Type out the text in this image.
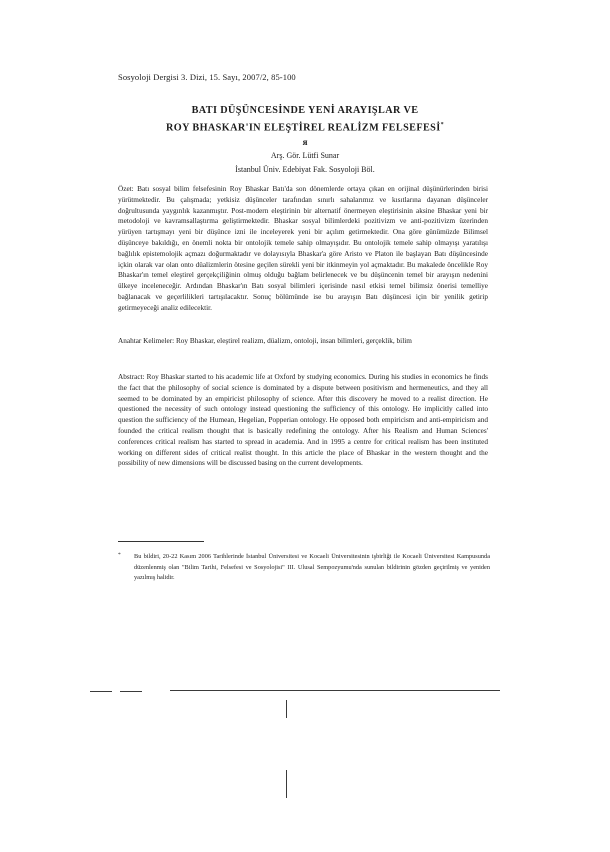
Sosyoloji Dergisi 3. Dizi, 15. Sayı, 2007/2, 85-100
BATI DÜŞÜNCESİNDE YENİ ARAYIŞLAR VE
ROY BHASKAR'IN ELEŞTİREL REALİZM FELSEFESİ*
ᴙ
Arş. Gör. Lütfi Sunar
İstanbul Üniv. Edebiyat Fak. Sosyoloji Böl.
Özet: Batı sosyal bilim felsefesinin Roy Bhaskar Batı'da son dönemlerde ortaya çıkan en orijinal düşünürlerinden birisi yürütmektedir. Bu çalışmada; yetkisiz düşünceler tarafından sınırlı sahalarımız ve kısıtlarına dayanan düşünceler doğrultusunda yaygınlık kazanmıştır. Post-modern eleştirinin bir alternatif önermeyen eleştirisinin aksine Bhaskar yeni bir metodoloji ve kavramsallaştırma geliştirmektedir. Bhaskar sosyal bilimlerdeki pozitivizm ve anti-pozitivizm üzerinden yürüyen tartışmayı yeni bir düşünce izni ile inceleyerek yeni bir açılım getirmektedir. Ona göre günümüzde Bilimsel düşünceye bakıldığı, en önemli nokta bir ontolojik temele sahip olmayışıdır. Bu ontolojik temele sahip olmayışı yaratılışı bağlılık epistemolojik açmazı doğurmaktadır ve dolayısıyla Bhaskar'a göre Aristo ve Platon ile başlayan Batı düşüncesinde içkin olarak var olan onto düalizmlerin ötesine geçilen sürekli yeni bir itkinmeyin yol açmaktadır. Bu makalede öncelikle Roy Bhaskar'ın temel eleştirel gerçekçiliğinin olmuş olduğu bağlam belirlenecek ve bu düşüncenin temel bir arayışın nedenini ülkeye inceleneceğir. Ardından Bhaskar'ın Batı sosyal bilimleri içerisinde nasıl etkisi temel bilimsiz önerisi temelliye bağlanacak ve geçerlilikleri tartışılacaktır. Sonuç bölümünde ise bu arayışın Batı düşüncesi için bir yenilik getirip getirmeyeceği analiz edilecektir.
Anahtar Kelimeler: Roy Bhaskar, eleştirel realizm, düalizm, ontoloji, insan bilimleri, gerçeklik, bilim
Abstract: Roy Bhaskar started to his academic life at Oxford by studying economics. During his studies in economics he finds the fact that the philosophy of social science is dominated by a dispute between positivism and hermeneutics, and they all seemed to be dominated by an empiricist philosophy of science. After this discovery he moved to a realist direction. He questioned the necessity of such ontology instead questioning the sufficiency of this ontology. He implicitly called into question the sufficiency of the Humean, Hegelian, Popperian ontology. He opposed both empiricism and anti-empiricism and founded the critical realism thought that is basically redefining the ontology. After his Realism and Human Sciences' conferences critical realism has started to spread in academia. And in 1995 a centre for critical realism has been instituted working on different sides of critical realist thought. In this article the place of Bhaskar in the western thought and the possibility of new dimensions will be discussed basing on the current developments.
*	Bu bildiri, 20-22 Kasım 2006 Tarihlerinde İstanbul Üniversitesi ve Kocaeli Üniversitesinin işbirliği ile Kocaeli Üniversitesi Kampusunda düzenlenmiş olan "Bilim Tarihi, Felsefesi ve Sosyolojisi" III. Ulusal Sempozyumu'nda sunulan bildirinin gözden geçirilmiş ve yeniden yazılmış halidir.
